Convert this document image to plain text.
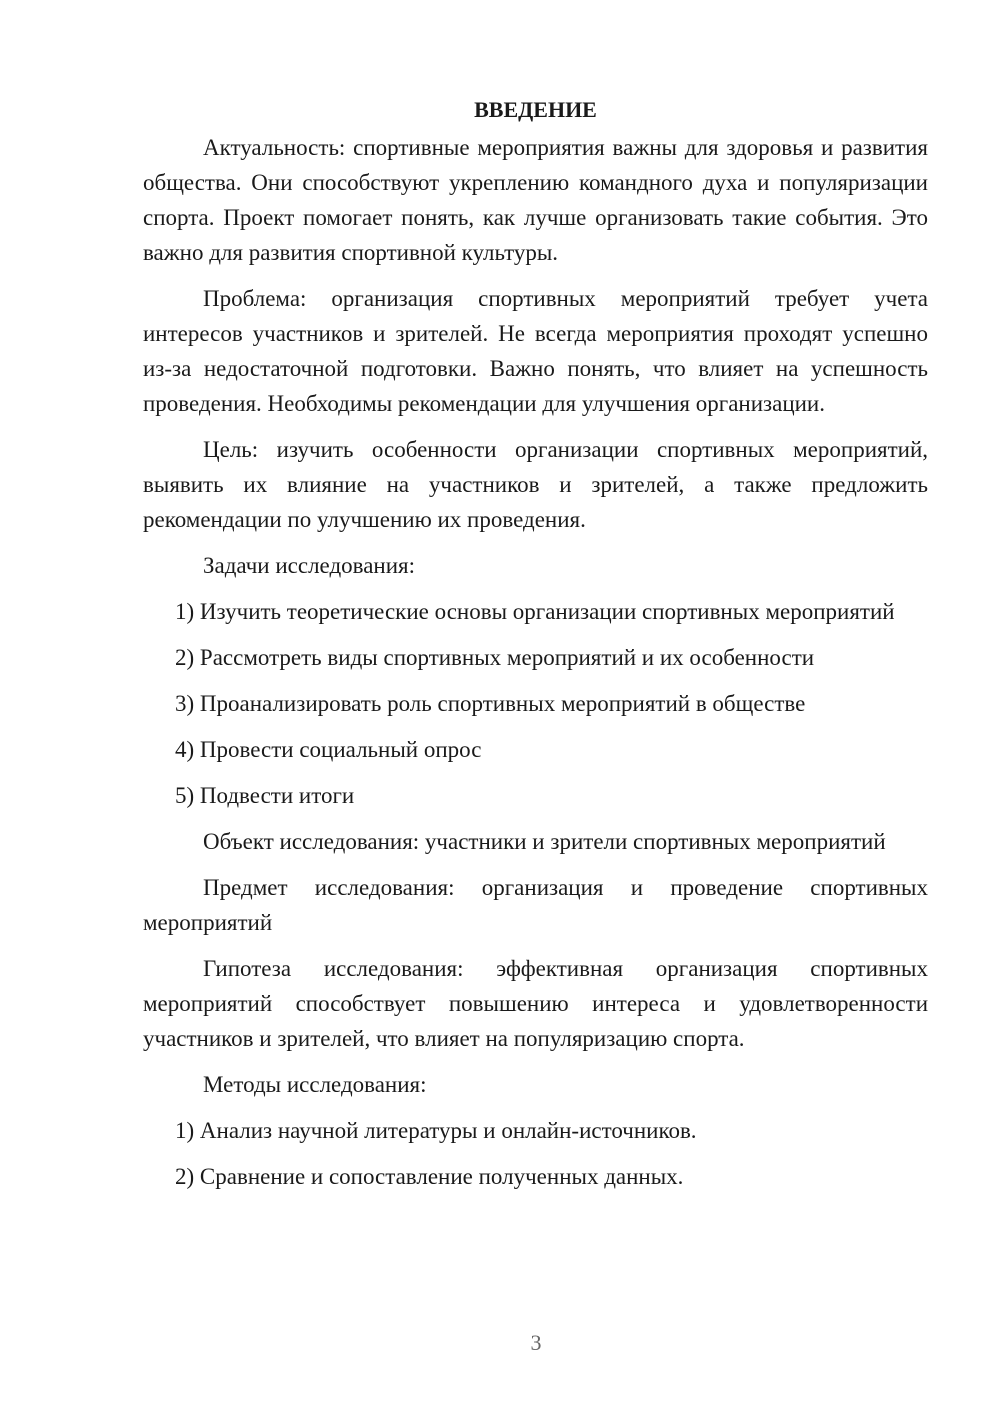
ВВЕДЕНИЕ

Актуальность: спортивные мероприятия важны для здоровья и развития общества. Они способствуют укреплению командного духа и популяризации спорта. Проект помогает понять, как лучше организовать такие события. Это важно для развития спортивной культуры.

Проблема: организация спортивных мероприятий требует учета интересов участников и зрителей. Не всегда мероприятия проходят успешно из-за недостаточной подготовки. Важно понять, что влияет на успешность проведения. Необходимы рекомендации для улучшения организации.

Цель: изучить особенности организации спортивных мероприятий, выявить их влияние на участников и зрителей, а также предложить рекомендации по улучшению их проведения.

Задачи исследования:

1) Изучить теоретические основы организации спортивных мероприятий

2) Рассмотреть виды спортивных мероприятий и их особенности

3) Проанализировать роль спортивных мероприятий в обществе

4) Провести социальный опрос

5) Подвести итоги

Объект исследования: участники и зрители спортивных мероприятий

Предмет исследования: организация и проведение спортивных мероприятий

Гипотеза исследования: эффективная организация спортивных мероприятий способствует повышению интереса и удовлетворенности участников и зрителей, что влияет на популяризацию спорта.

Методы исследования:

1) Анализ научной литературы и онлайн-источников.

2) Сравнение и сопоставление полученных данных.

3
